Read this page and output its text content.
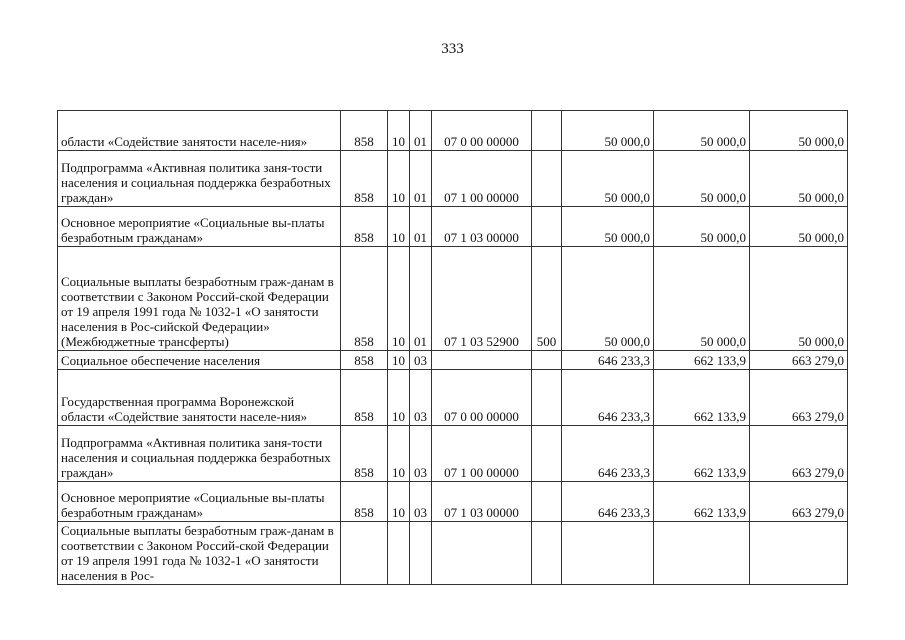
333
области «Содействие занятости населе-ния»	858	10	01	07 0 00 00000		50 000,0	50 000,0	50 000,0
Подпрограмма «Активная политика заня-тости населения и социальная поддержка безработных граждан»	858	10	01	07 1 00 00000		50 000,0	50 000,0	50 000,0
Основное мероприятие «Социальные вы-платы безработным гражданам»	858	10	01	07 1 03 00000		50 000,0	50 000,0	50 000,0
Социальные выплаты безработным граж-данам в соответствии с Законом Россий-ской Федерации от 19 апреля 1991 года № 1032-1 «О занятости населения в Рос-сийской Федерации» (Межбюджетные трансферты)	858	10	01	07 1 03 52900	500	50 000,0	50 000,0	50 000,0
Социальное обеспечение населения	858	10	03			646 233,3	662 133,9	663 279,0
Государственная программа Воронежской области «Содействие занятости населе-ния»	858	10	03	07 0 00 00000		646 233,3	662 133,9	663 279,0
Подпрограмма «Активная политика заня-тости населения и социальная поддержка безработных граждан»	858	10	03	07 1 00 00000		646 233,3	662 133,9	663 279,0
Основное мероприятие «Социальные вы-платы безработным гражданам»	858	10	03	07 1 03 00000		646 233,3	662 133,9	663 279,0
Социальные выплаты безработным граж-данам в соответствии с Законом Россий-ской Федерации от 19 апреля 1991 года № 1032-1 «О занятости населения в Рос-								
